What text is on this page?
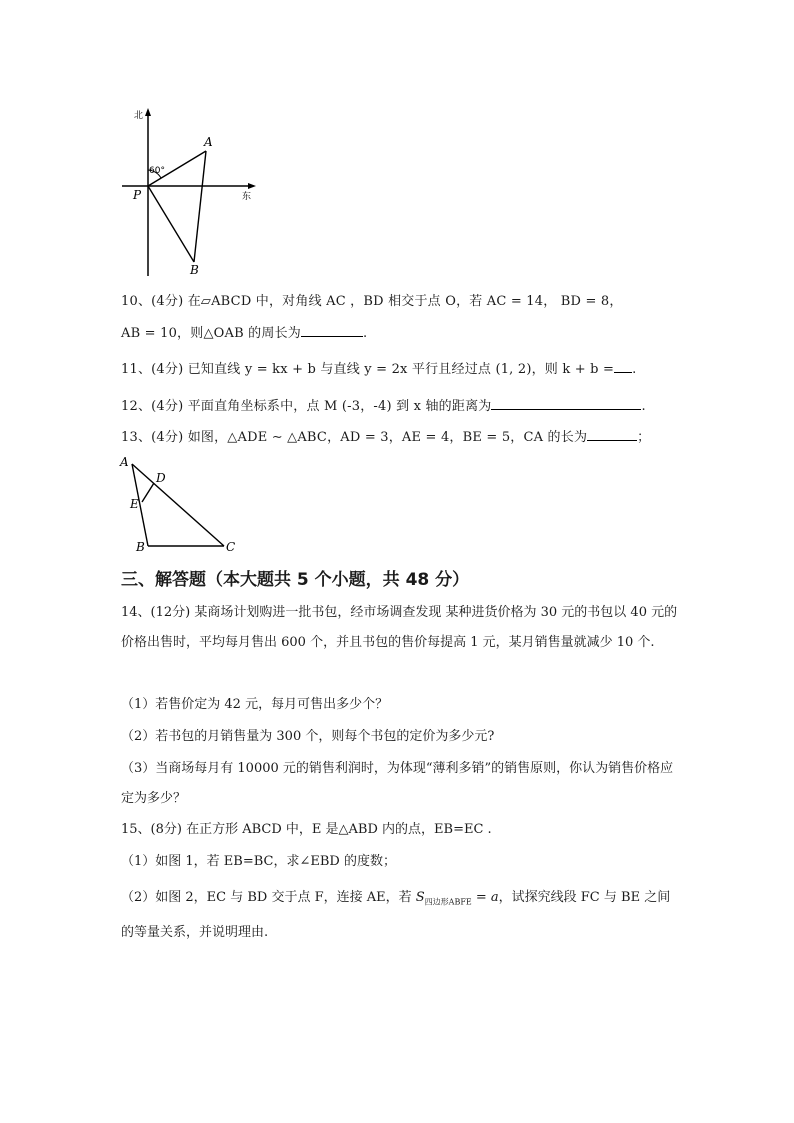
北
东
60°
P
A
B
10、(4分) 在▱ABCD 中，对角线 AC ，BD 相交于点 O，若 AC = 14， BD = 8，
AB = 10，则△OAB 的周长为	.
11、(4分) 已知直线 y = kx + b 与直线 y = 2x 平行且经过点 (1, 2)，则 k + b = .
12、(4分) 平面直角坐标系中，点 M (-3，-4) 到 x 轴的距离为	.
13、(4分) 如图，△ADE ∼ △ABC，AD = 3，AE = 4，BE = 5，CA 的长为	；
A
D
E
B	C
三、解答题（本大题共 5 个小题，共 48 分）
14、(12分) 某商场计划购进一批书包，经市场调查发现 某种进货价格为 30 元的书包以 40 元的价格出售时，平均每月售出 600 个，并且书包的售价每提高 1 元，某月销售量就减少 10 个.
（1）若售价定为 42 元，每月可售出多少个？
（2）若书包的月销售量为 300 个，则每个书包的定价为多少元?
（3）当商场每月有 10000 元的销售利润时，为体现“薄利多销”的销售原则，你认为销售价格应定为多少？
15、(8分) 在正方形 ABCD 中，E 是△ABD 内的点，EB=EC .
（1）如图 1，若 EB=BC，求∠EBD 的度数；
（2）如图 2，EC 与 BD 交于点 F，连接 AE，若 $S_{四边形ABFE} = a$，试探究线段 FC 与 BE 之间的等量关系，并说明理由.
